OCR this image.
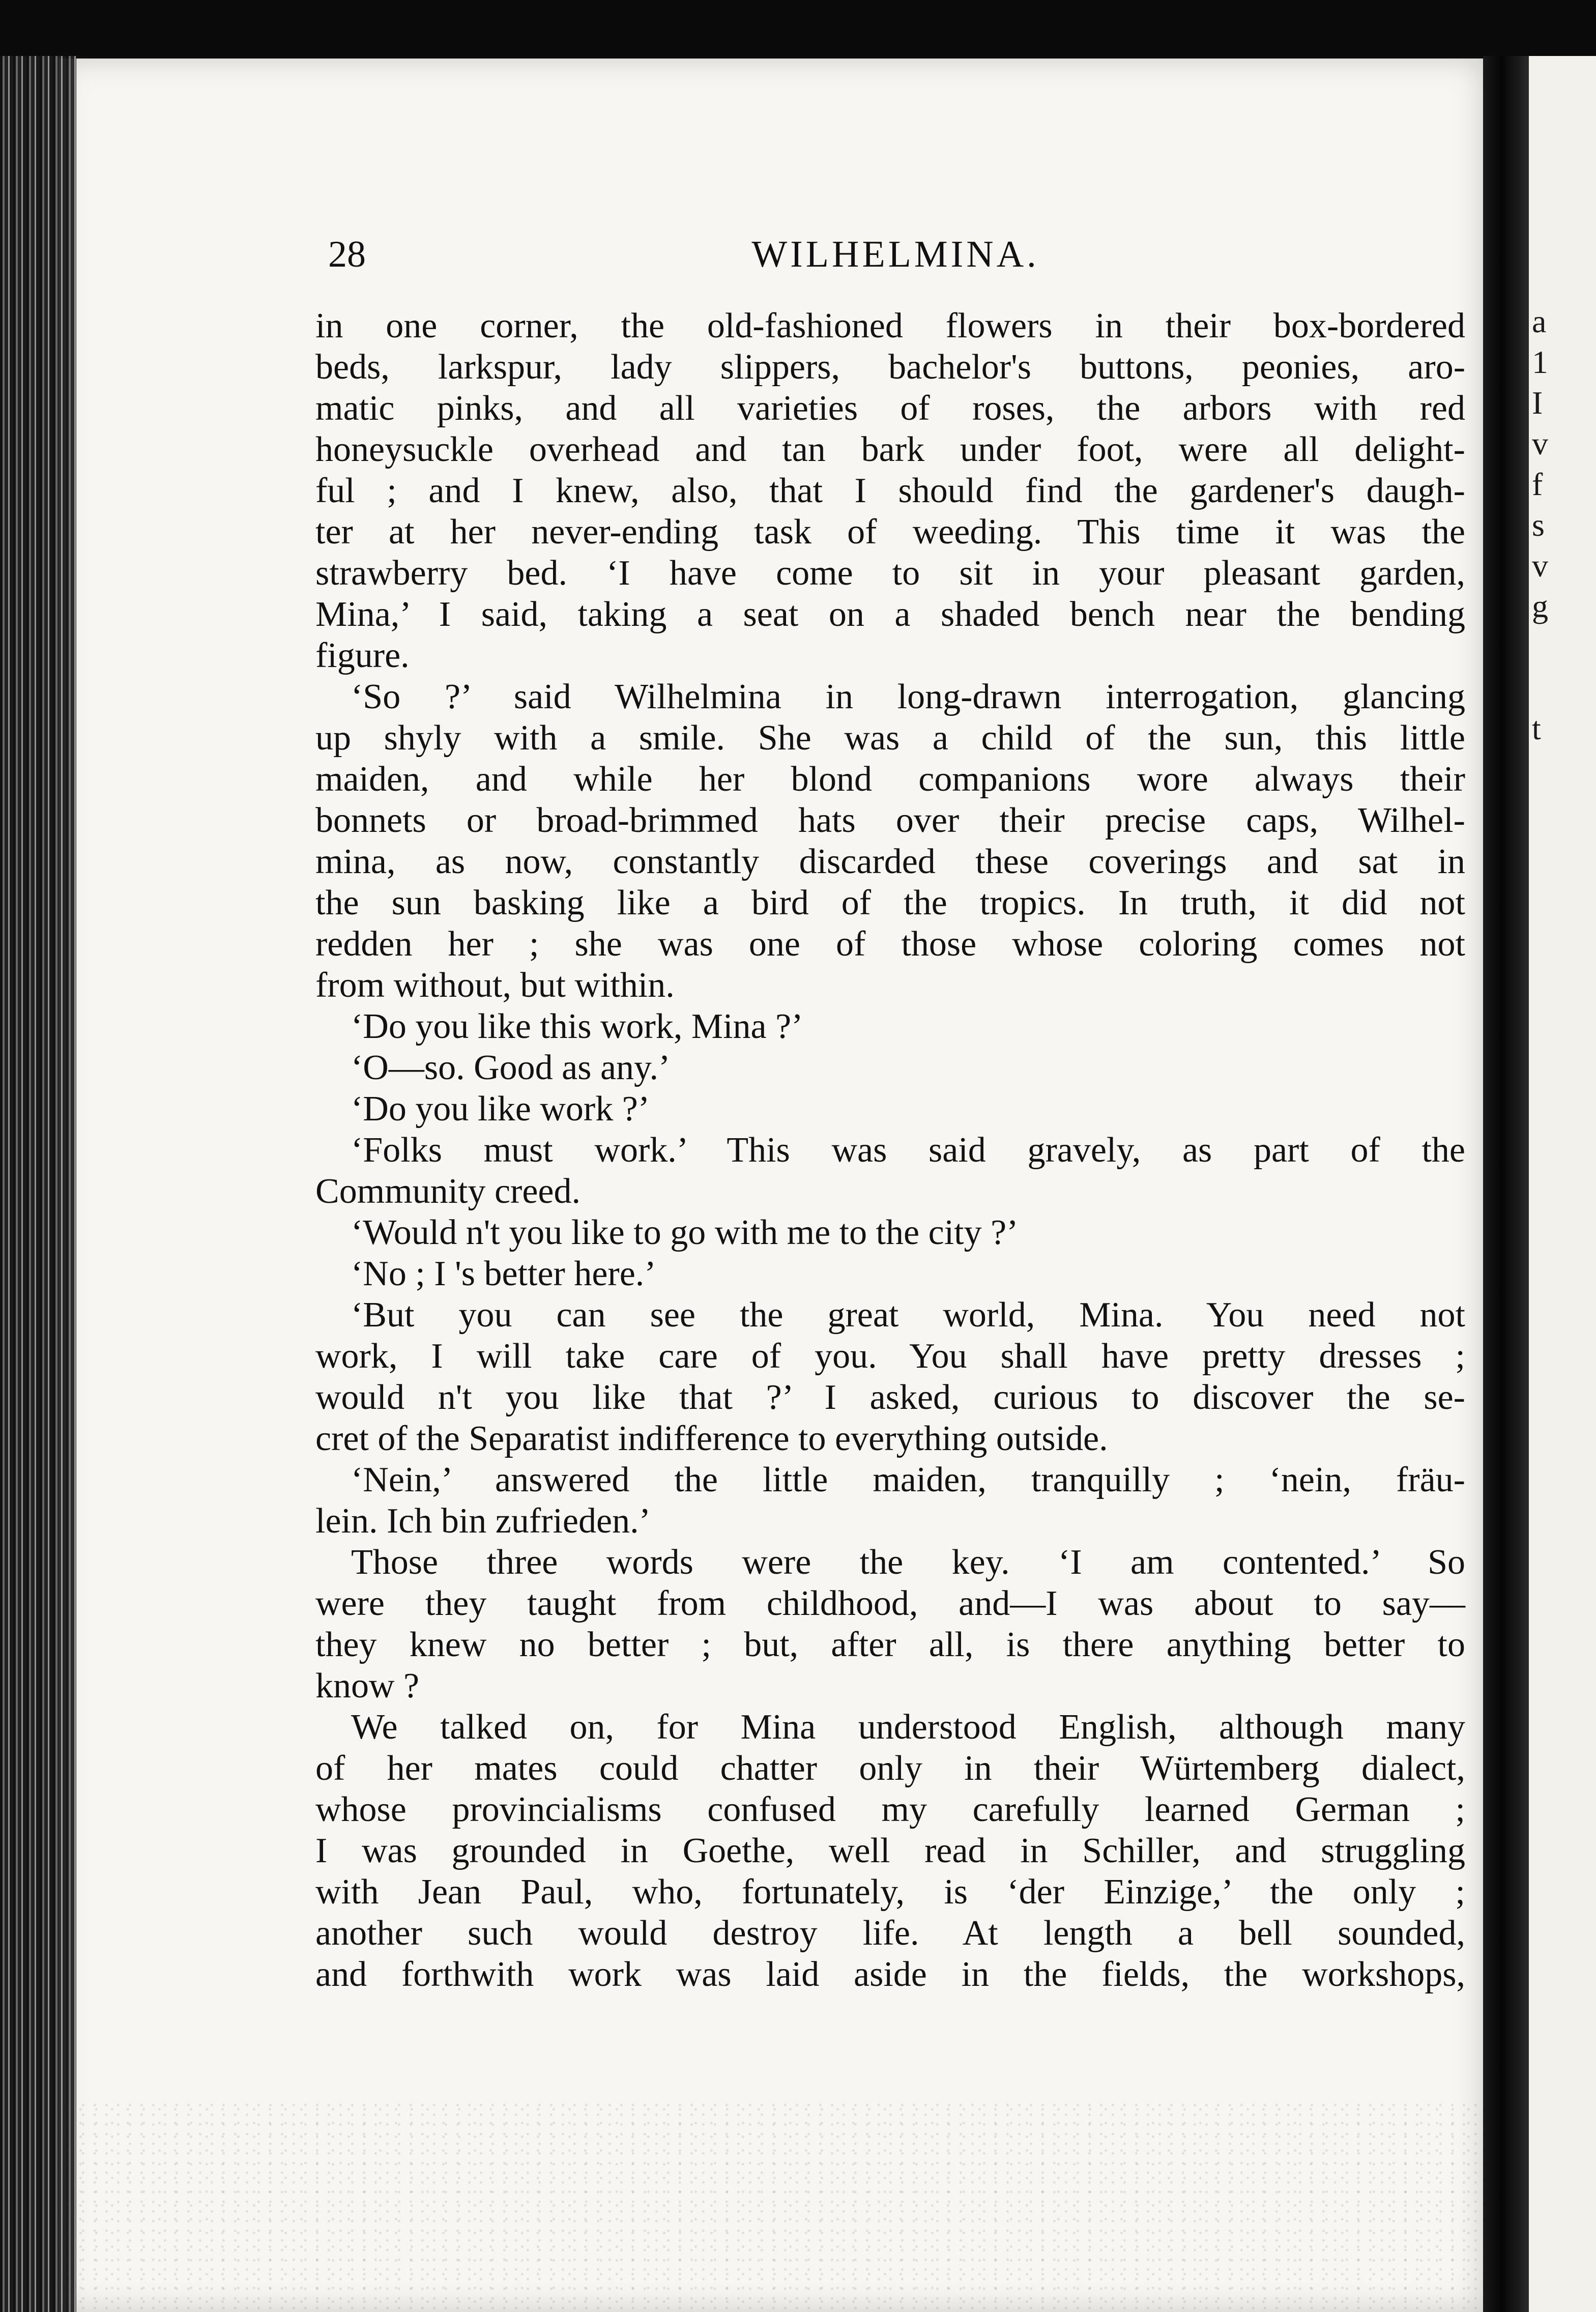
28	WILHELMINA.
in one corner, the old-fashioned flowers in their box-bordered
beds, larkspur, lady slippers, bachelor's buttons, peonies, aro-
matic pinks, and all varieties of roses, the arbors with red
honeysuckle overhead and tan bark under foot, were all delight-
ful ; and I knew, also, that I should find the gardener's daugh-
ter at her never-ending task of weeding. This time it was the
strawberry bed. ‘I have come to sit in your pleasant garden,
Mina,’ I said, taking a seat on a shaded bench near the bending
figure.
‘So ?’ said Wilhelmina in long-drawn interrogation, glancing
up shyly with a smile. She was a child of the sun, this little
maiden, and while her blond companions wore always their
bonnets or broad-brimmed hats over their precise caps, Wilhel-
mina, as now, constantly discarded these coverings and sat in
the sun basking like a bird of the tropics. In truth, it did not
redden her ; she was one of those whose coloring comes not
from without, but within.
‘Do you like this work, Mina ?’
‘O—so. Good as any.’
‘Do you like work ?’
‘Folks must work.’ This was said gravely, as part of the
Community creed.
‘Would n't you like to go with me to the city ?’
‘No ; I 's better here.’
‘But you can see the great world, Mina. You need not
work, I will take care of you. You shall have pretty dresses ;
would n't you like that ?’ I asked, curious to discover the se-
cret of the Separatist indifference to everything outside.
‘Nein,’ answered the little maiden, tranquilly ; ‘nein, fräu-
lein. Ich bin zufrieden.’
Those three words were the key. ‘I am contented.’ So
were they taught from childhood, and—I was about to say—
they knew no better ; but, after all, is there anything better to
know ?
We talked on, for Mina understood English, although many
of her mates could chatter only in their Würtemberg dialect,
whose provincialisms confused my carefully learned German ;
I was grounded in Goethe, well read in Schiller, and struggling
with Jean Paul, who, fortunately, is ‘der Einzige,’ the only ;
another such would destroy life. At length a bell sounded,
and forthwith work was laid aside in the fields, the workshops,
a
1
I
v
f
s
v
g
t
